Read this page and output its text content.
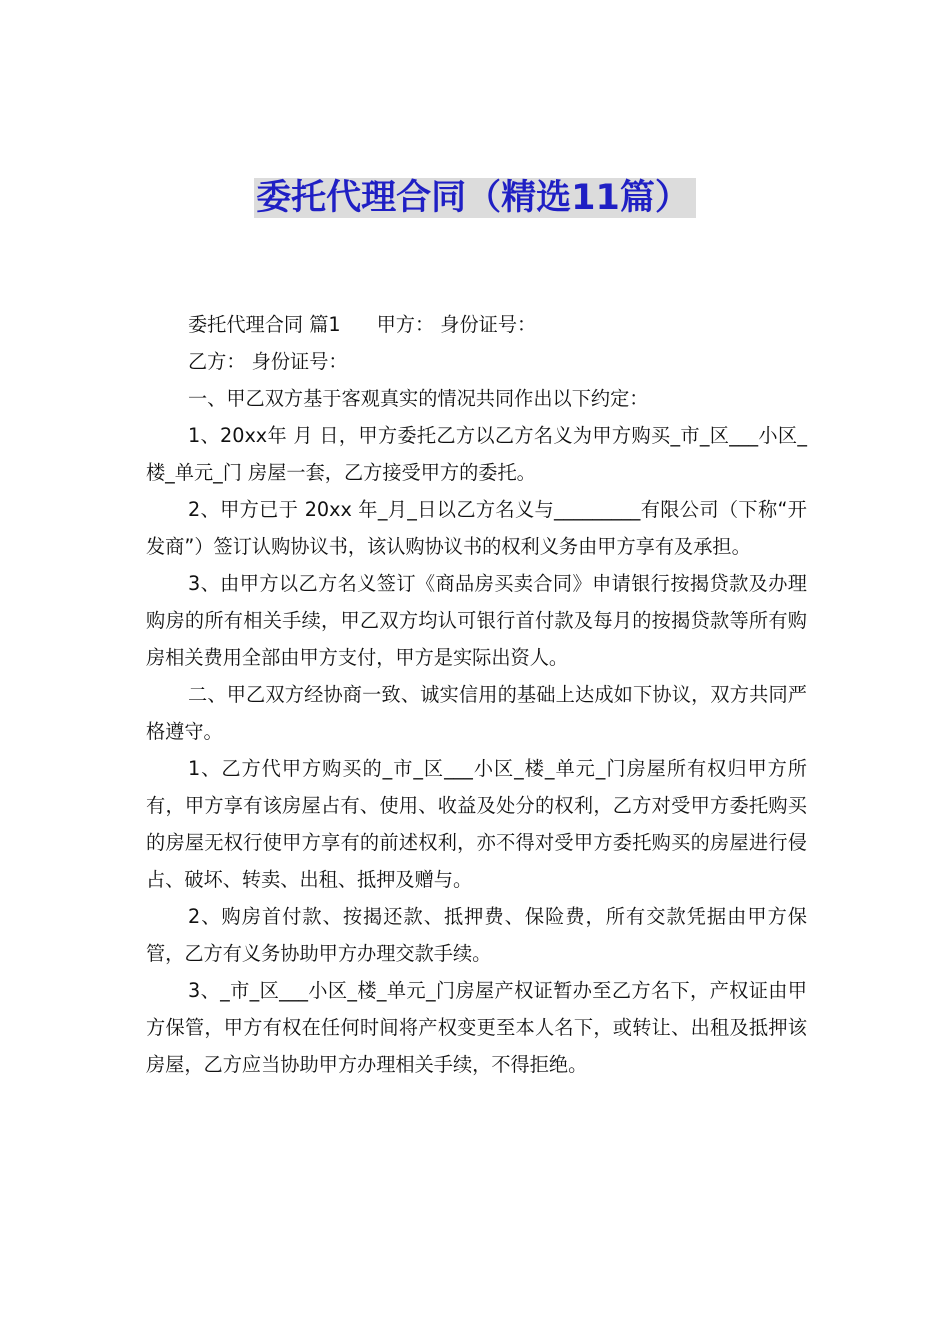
委托代理合同（精选11篇）

委托代理合同 篇1 甲方： 身份证号：

乙方： 身份证号：

一、甲乙双方基于客观真实的情况共同作出以下约定：

1、20xx年 月 日，甲方委托乙方以乙方名义为甲方购买_市_区___小区_楼_单元_门 房屋一套，乙方接受甲方的委托。

2、甲方已于 20xx 年_月_日以乙方名义与_________有限公司（下称“开发商”）签订认购协议书，该认购协议书的权利义务由甲方享有及承担。

3、由甲方以乙方名义签订《商品房买卖合同》申请银行按揭贷款及办理购房的所有相关手续，甲乙双方均认可银行首付款及每月的按揭贷款等所有购房相关费用全部由甲方支付，甲方是实际出资人。

二、甲乙双方经协商一致、诚实信用的基础上达成如下协议，双方共同严格遵守。

1、乙方代甲方购买的_市_区___小区_楼_单元_门房屋所有权归甲方所有，甲方享有该房屋占有、使用、收益及处分的权利，乙方对受甲方委托购买的房屋无权行使甲方享有的前述权利，亦不得对受甲方委托购买的房屋进行侵占、破坏、转卖、出租、抵押及赠与。

2、购房首付款、按揭还款、抵押费、保险费，所有交款凭据由甲方保管，乙方有义务协助甲方办理交款手续。

3、_市_区___小区_楼_单元_门房屋产权证暂办至乙方名下，产权证由甲方保管，甲方有权在任何时间将产权变更至本人名下，或转让、出租及抵押该房屋，乙方应当协助甲方办理相关手续，不得拒绝。
